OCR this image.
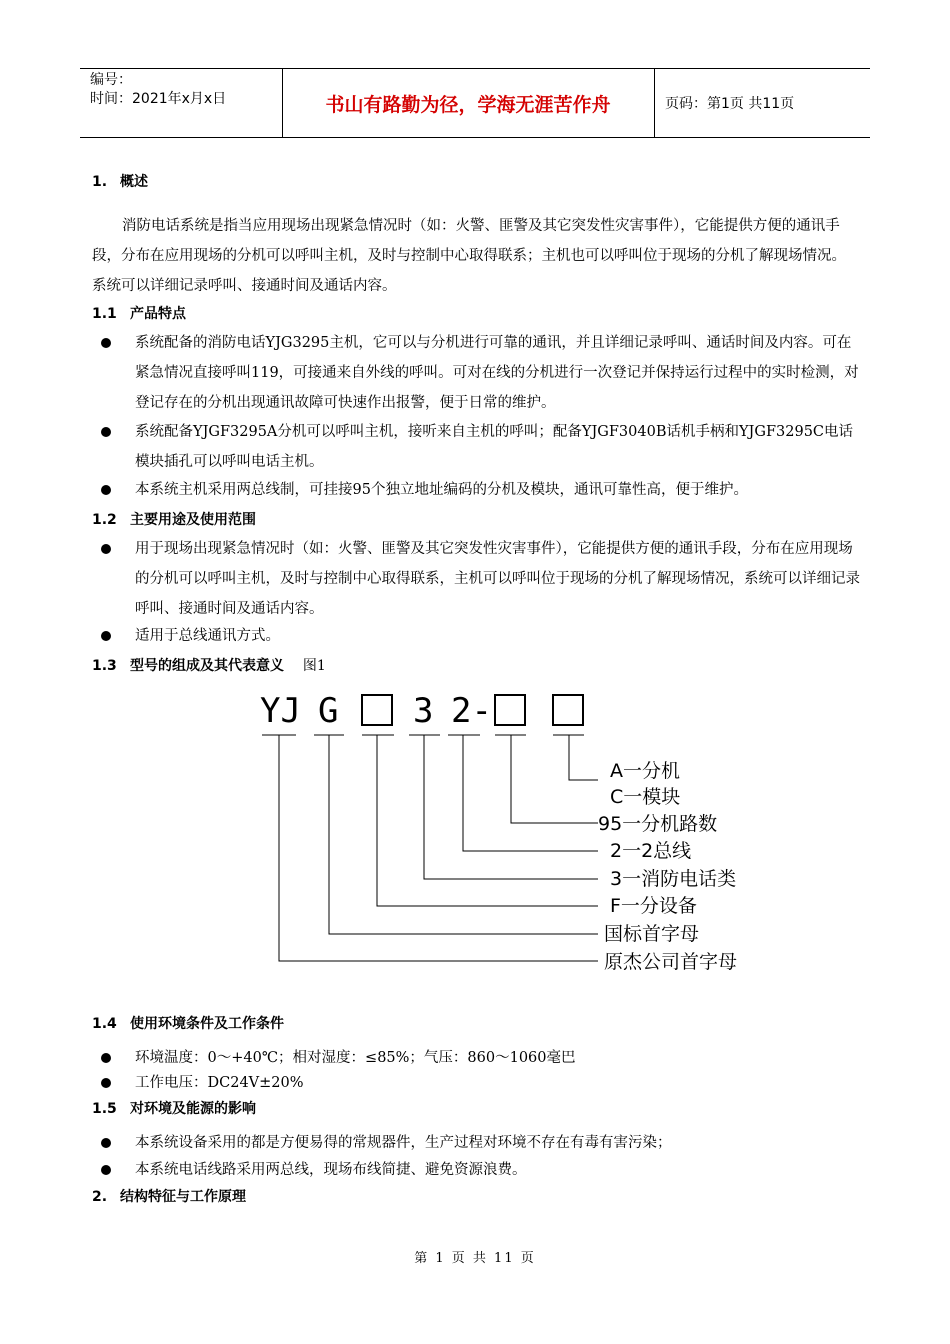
编号：
时间：2021年x月x日	书山有路勤为径，学海无涯苦作舟	页码：第1页 共11页
1. 概述
消防电话系统是指当应用现场出现紧急情况时（如：火警、匪警及其它突发性灾害事件），它能提供方便的通讯手段，分布在应用现场的分机可以呼叫主机，及时与控制中心取得联系；主机也可以呼叫位于现场的分机了解现场情况。系统可以详细记录呼叫、接通时间及通话内容。
1.1 产品特点
系统配备的消防电话YJG3295主机，它可以与分机进行可靠的通讯，并且详细记录呼叫、通话时间及内容。可在紧急情况直接呼叫119，可接通来自外线的呼叫。可对在线的分机进行一次登记并保持运行过程中的实时检测，对登记存在的分机出现通讯故障可快速作出报警，便于日常的维护。
系统配备YJGF3295A分机可以呼叫主机，接听来自主机的呼叫；配备YJGF3040B话机手柄和YJGF3295C电话模块插孔可以呼叫电话主机。
本系统主机采用两总线制，可挂接95个独立地址编码的分机及模块，通讯可靠性高，便于维护。
1.2 主要用途及使用范围
用于现场出现紧急情况时（如：火警、匪警及其它突发性灾害事件），它能提供方便的通讯手段，分布在应用现场的分机可以呼叫主机，及时与控制中心取得联系，主机可以呼叫位于现场的分机了解现场情况，系统可以详细记录呼叫、接通时间及通话内容。
适用于总线通讯方式。
1.3 型号的组成及其代表意义 图1
YJ G 3 2-
A一分机
C一模块
95一分机路数
2一2总线
3一消防电话类
F一分设备
国标首字母
原杰公司首字母
1.4 使用环境条件及工作条件
环境温度：0～+40℃；相对湿度：≤85%；气压：860～1060毫巴
工作电压：DC24V±20%
1.5 对环境及能源的影响
本系统设备采用的都是方便易得的常规器件，生产过程对环境不存在有毒有害污染；
本系统电话线路采用两总线，现场布线简捷、避免资源浪费。
2. 结构特征与工作原理
第 1 页 共 11 页
